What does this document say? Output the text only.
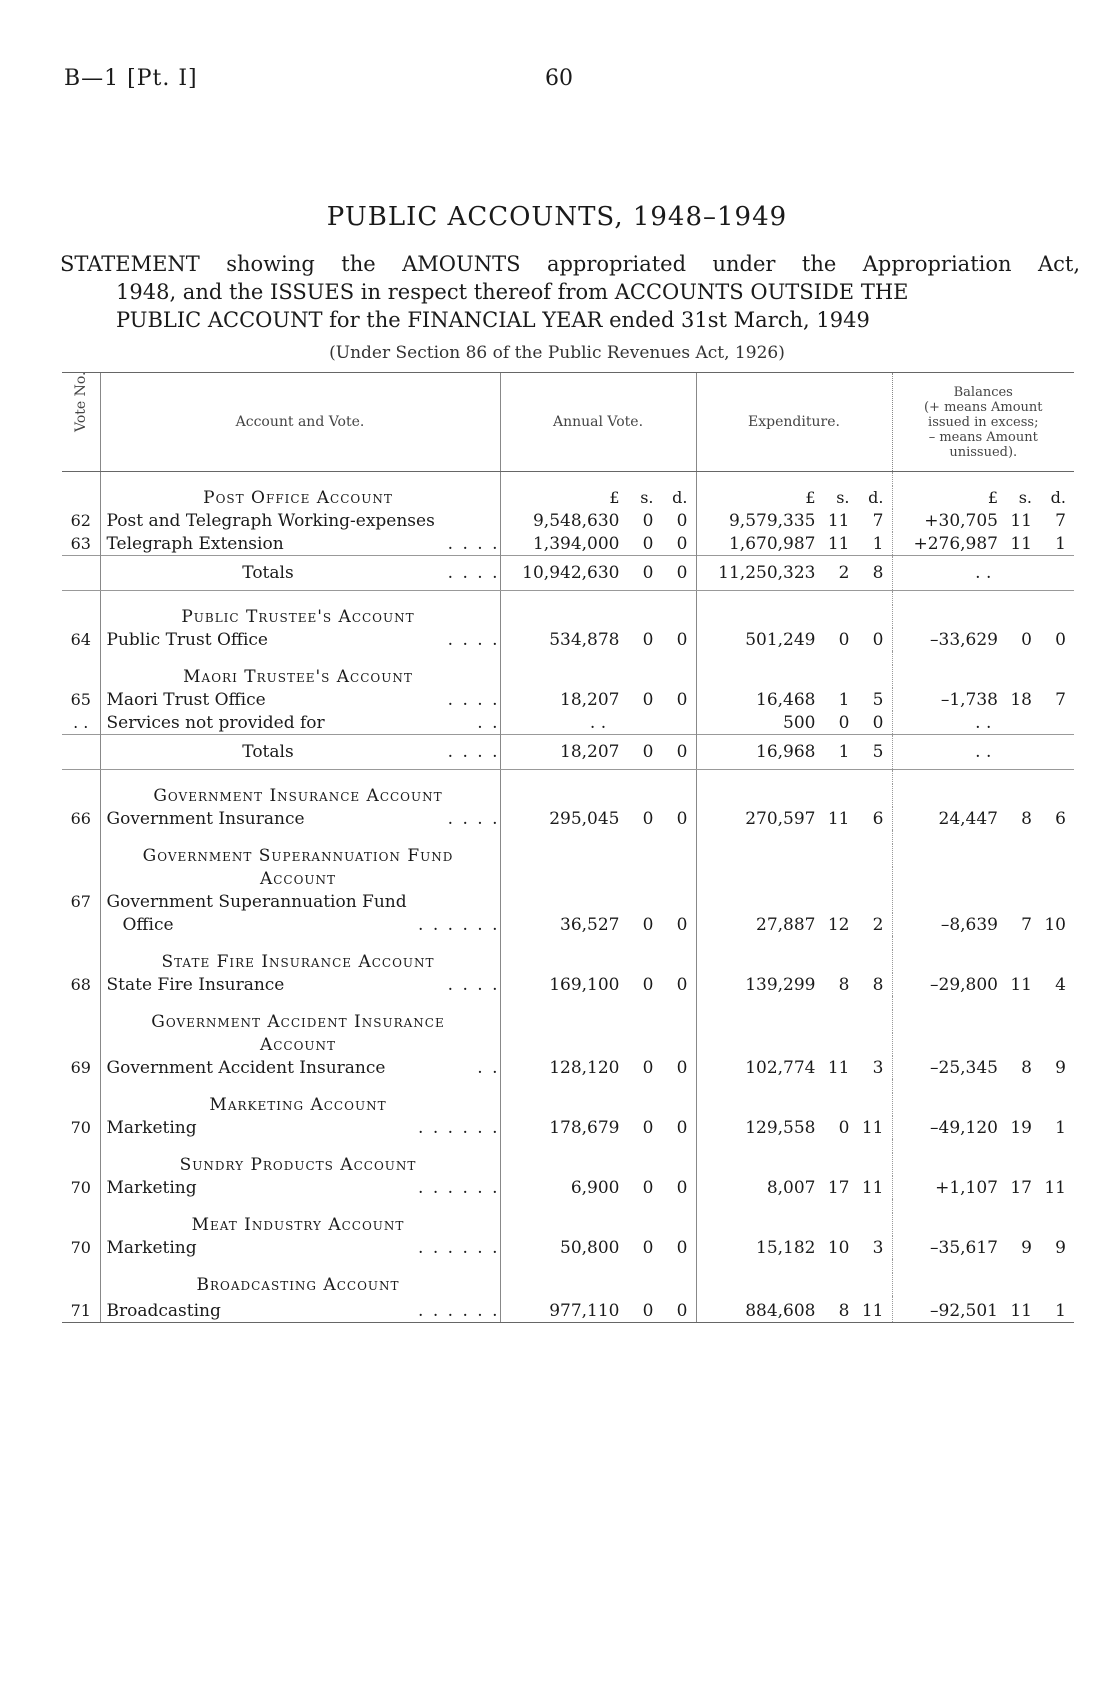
B—1 [Pt. I]	60
PUBLIC ACCOUNTS, 1948–1949
STATEMENT showing the AMOUNTS appropriated under the Appropriation Act,
1948, and the ISSUES in respect thereof from ACCOUNTS OUTSIDE THE
PUBLIC ACCOUNT for the FINANCIAL YEAR ended 31st March, 1949
(Under Section 86 of the Public Revenues Act, 1926)
Vote No.	Account and Vote.	Annual Vote.	Expenditure.	Balances
(+ means Amount
issued in excess;
– means Amount
unissued).

	Post Office Account	£ s. d.	£ s. d.	£ s. d.

62	Post and Telegraph Working-expenses	9,548,630 0 0	9,579,335 11 7	+30,705 11 7

63	Telegraph Extension . . . .	1,394,000 0 0	1,670,987 11 1	+276,987 11 1

	Totals . . . .	10,942,630 0 0	11,250,323 2 8	. .

	Public Trustee's Account			
64	Public Trust Office . . . .	534,878 0 0	501,249 0 0	–33,629 0 0

	Maori Trustee's Account			
65	Maori Trust Office . . . .	18,207 0 0	16,468 1 5	–1,738 18 7

. .	Services not provided for . .	. .	500 0 0	. .

	Totals . . . .	18,207 0 0	16,968 1 5	. .

	Government Insurance Account			
66	Government Insurance . . . .	295,045 0 0	270,597 11 6	24,447 8 6

	Government Superannuation Fund			
	Account			
67	Government Superannuation Fund			

	Office . . . . . .	36,527 0 0	27,887 12 2	–8,639 7 10

	State Fire Insurance Account			
68	State Fire Insurance . . . .	169,100 0 0	139,299 8 8	–29,800 11 4

	Government Accident Insurance			
	Account			
69	Government Accident Insurance . .	128,120 0 0	102,774 11 3	–25,345 8 9

	Marketing Account			
70	Marketing . . . . . .	178,679 0 0	129,558 0 11	–49,120 19 1

	Sundry Products Account			
70	Marketing . . . . . .	6,900 0 0	8,007 17 11	+1,107 17 11

	Meat Industry Account			
70	Marketing . . . . . .	50,800 0 0	15,182 10 3	–35,617 9 9

	Broadcasting Account			
71	Broadcasting . . . . . .	977,110 0 0	884,608 8 11	–92,501 11 1
